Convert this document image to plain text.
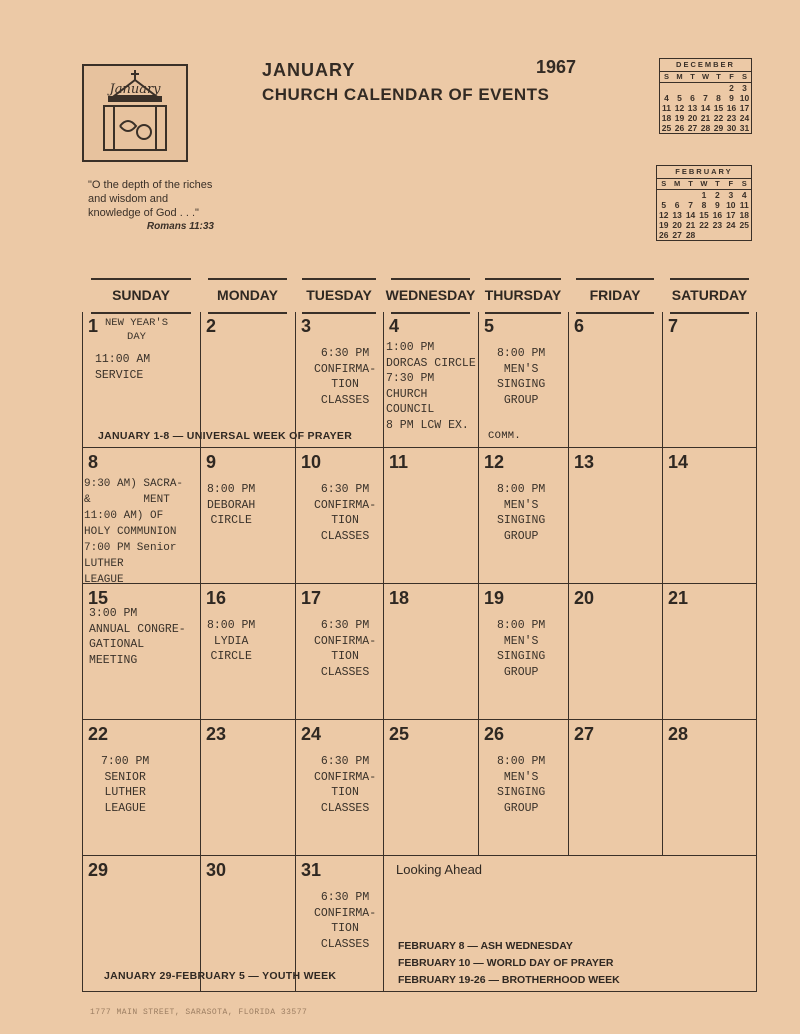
January
JANUARY	1967
CHURCH CALENDAR OF EVENTS
"O the depth of the riches and wisdom and knowledge of God . . ."
Romans 11:33
DECEMBER
S	M	T	W	T	F	S
					2	3
4	5	6	7	8	9	10
11	12	13	14	15	16	17
18	19	20	21	22	23	24
25	26	27	28	29	30	31
FEBRUARY
S	M	T	W	T	F	S
			1	2	3	4
5	6	7	8	9	10	11
12	13	14	15	16	17	18
19	20	21	22	23	24	25
26	27	28				
SUNDAY	MONDAY	TUESDAY WEDNESDAY THURSDAY	FRIDAY	SATURDAY
1 NEW YEAR'S
DAY
11:00 AM
SERVICE
2	3
6:30 PM
CONFIRMA-
TION
CLASSES
4
1:00 PM
DORCAS CIRCLE
7:30 PM
CHURCH
COUNCIL
8 PM LCW EX.
5
8:00 PM
MEN'S
SINGING
GROUP
6	7
8
9:30 AM) SACRA-
&        MENT
11:00 AM) OF
HOLY COMMUNION
7:00 PM Senior
LUTHER
LEAGUE
9
8:00 PM
DEBORAH
CIRCLE
10
6:30 PM
CONFIRMA-
TION
CLASSES
11	12
8:00 PM
MEN'S
SINGING
GROUP
13	14
15
3:00 PM
ANNUAL CONGRE-
GATIONAL
MEETING
16
8:00 PM
LYDIA
CIRCLE
17
6:30 PM
CONFIRMA-
TION
CLASSES
18	19
8:00 PM
MEN'S
SINGING
GROUP
20	21
22
7:00 PM
SENIOR
LUTHER
LEAGUE
23	24
6:30 PM
CONFIRMA-
TION
CLASSES
25	26
8:00 PM
MEN'S
SINGING
GROUP
27	28
29	30	31
6:30 PM
CONFIRMA-
TION
CLASSES
Looking Ahead
FEBRUARY 8 — ASH WEDNESDAY
FEBRUARY 10 — WORLD DAY OF PRAYER
FEBRUARY 19-26 — BROTHERHOOD WEEK
JANUARY 1-8 — UNIVERSAL WEEK OF PRAYER	COMM.
JANUARY 29-FEBRUARY 5 — YOUTH WEEK
1777 MAIN STREET, SARASOTA, FLORIDA 33577
